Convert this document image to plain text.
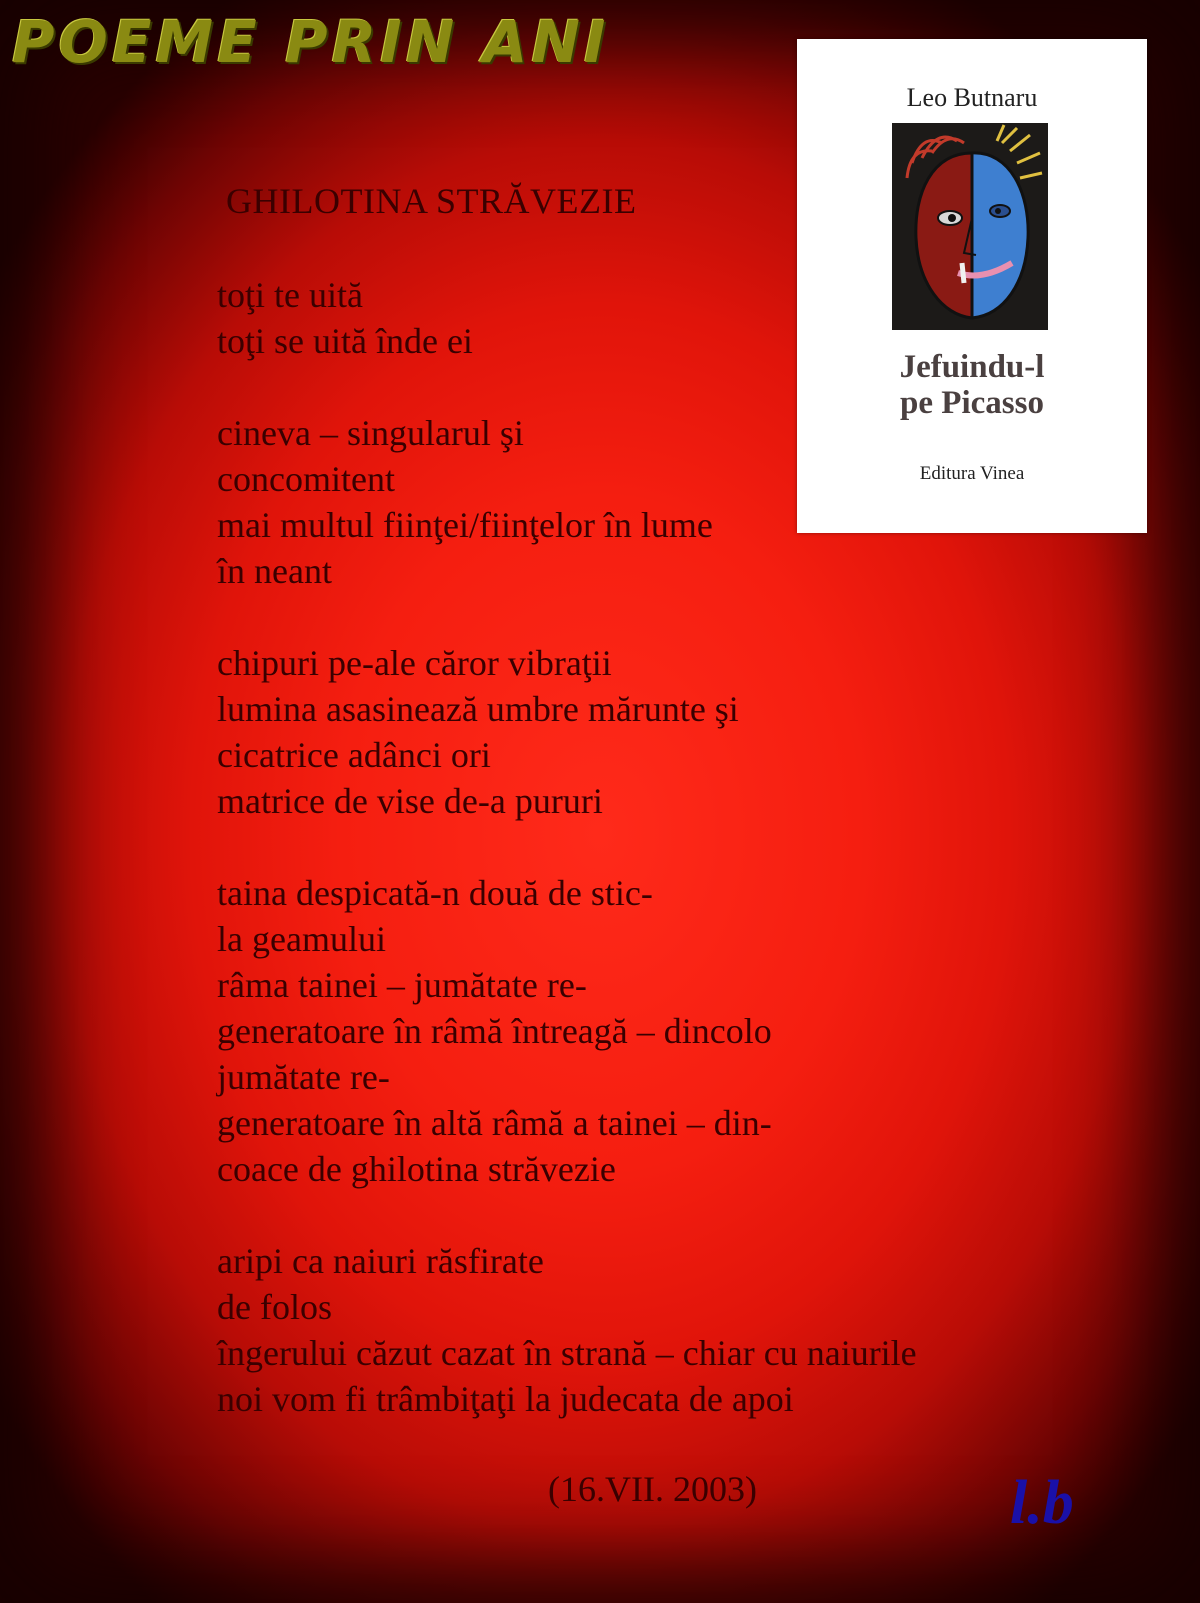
POEME PRIN ANI
GHILOTINA STRĂVEZIE
toţi te uită
toţi se uită înde ei
cineva – singularul şi
concomitent
mai multul fiinţei/fiinţelor în lume
în neant
chipuri pe-ale căror vibraţii
lumina asasinează umbre mărunte şi
cicatrice adânci ori
matrice de vise de-a pururi
taina despicată-n două de stic-
la geamului
râma tainei – jumătate re-
generatoare în râmă întreagă – dincolo
jumătate re-
generatoare în altă râmă a tainei – din-
coace de ghilotina străvezie
aripi ca naiuri răsfirate
de folos
îngerului căzut cazat în strană – chiar cu naiurile
noi vom fi trâmbiţaţi la judecata de apoi
(16.VII. 2003)	l.b
Leo Butnaru
Jefuindu-l
pe Picasso
Editura Vinea
